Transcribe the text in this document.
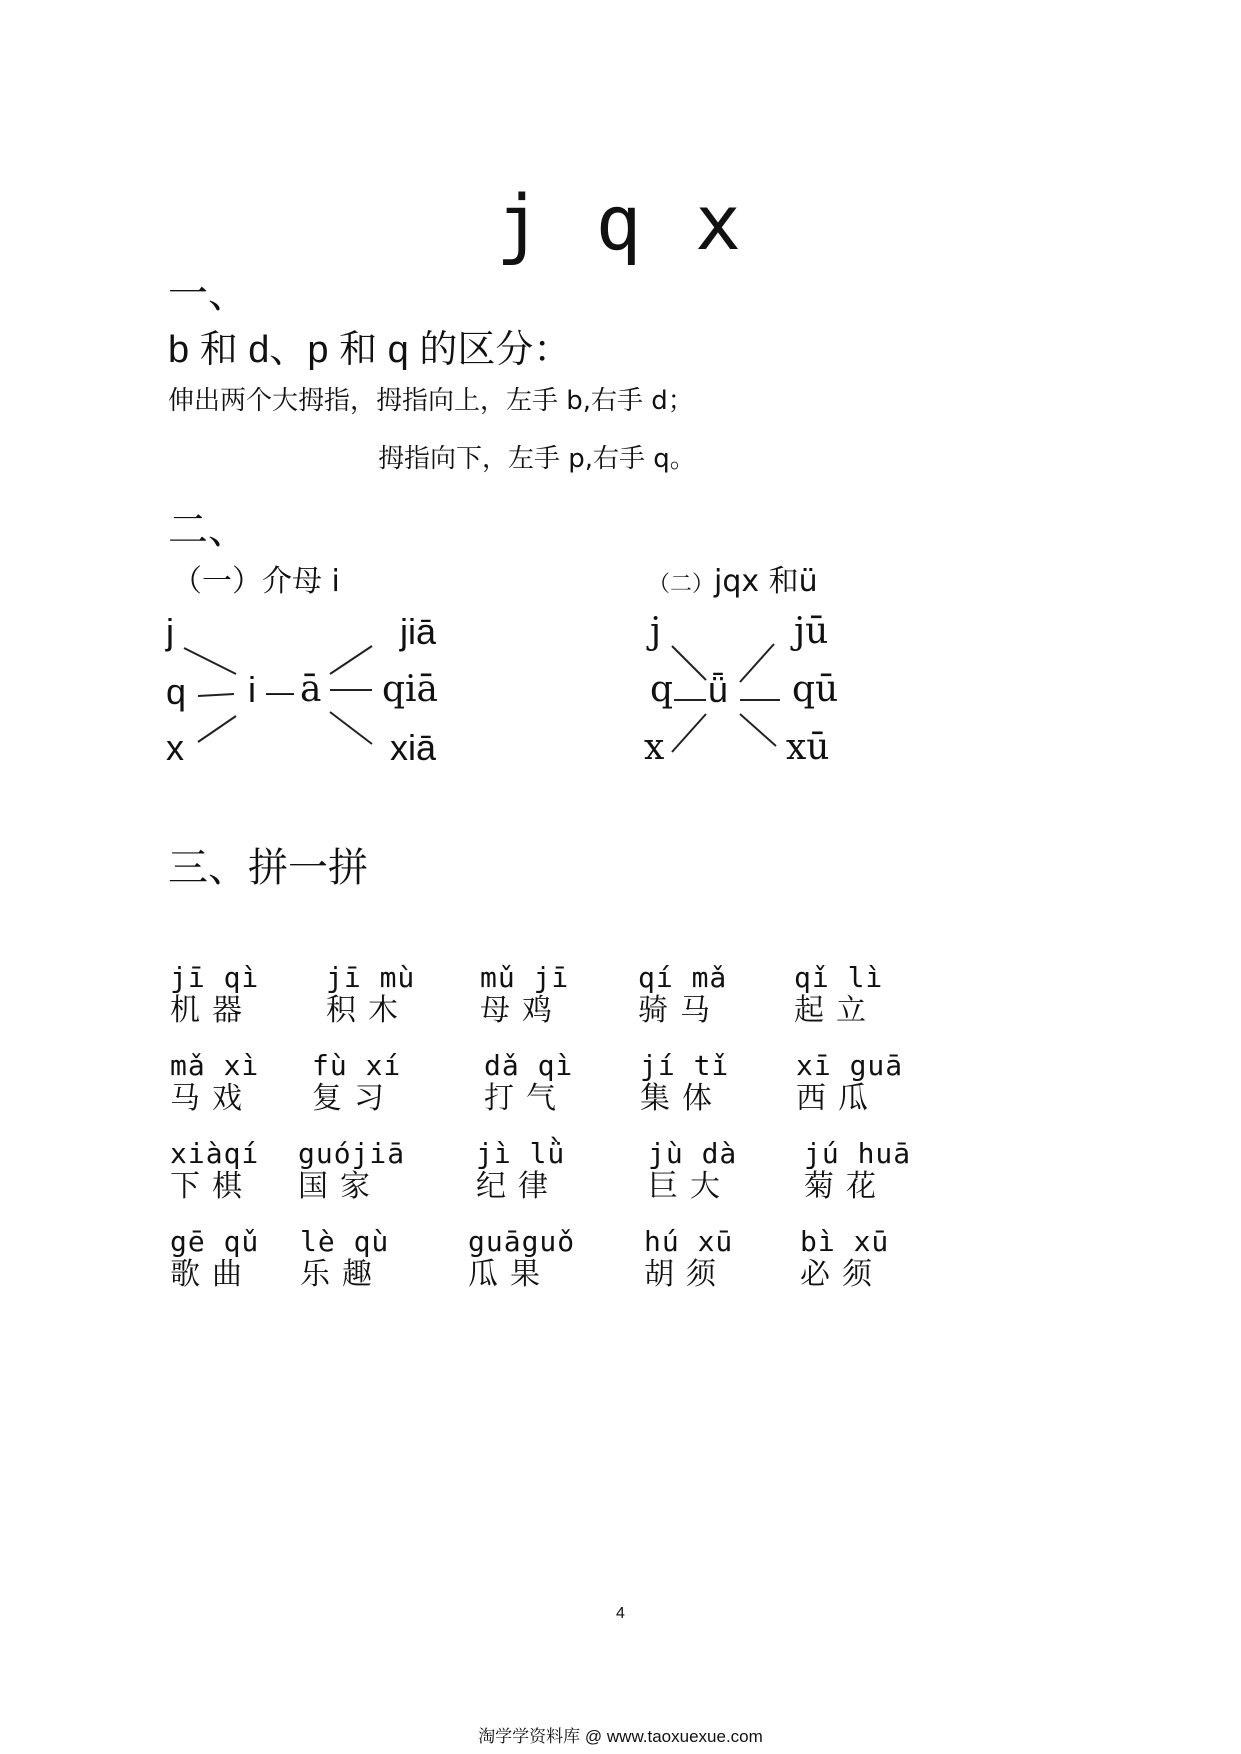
j q x
一、
b 和 d、p 和 q 的区分：
伸出两个大拇指，拇指向上，左手 b,右手 d；
拇指向下，左手 p,右手 q。
二、
（一）介母 i	（二）jqx 和ü
j
q
x
i — ā
jiā
qiā
xiā
j
q
x
ǖ
jū
qū
xū
三、拼一拼
jī qì
机器
jī mù
积木
mǔ jī
母鸡
qí mǎ
骑马
qǐ lì
起立
mǎ xì
马戏
fù xí
复习
dǎ qì
打气
jí tǐ
集体
xī guā
西瓜
xiàqí
下棋
guójiā
国家
jì lǜ
纪律
jù dà
巨大
jú huā
菊花
gē qǔ
歌曲
lè qù
乐趣
guāguǒ
瓜果
hú xū
胡须
bì xū
必须
4
淘学学资料库 @ www.taoxuexue.com
